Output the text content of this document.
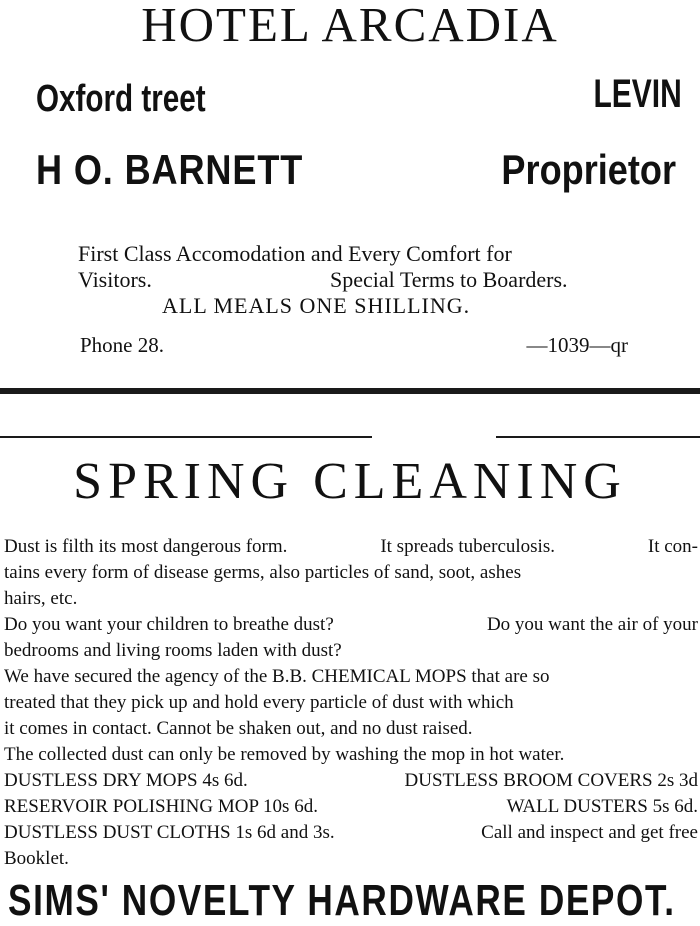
HOTEL ARCADIA
Oxford treet	LEVIN
H O. BARNETT	Proprietor
First Class Accomodation and Every Comfort for
Visitors.	Special Terms to Boarders.
ALL MEALS ONE SHILLING.
Phone 28.	—1039—qr
SPRING CLEANING
Dust is filth its most dangerous form.	It spreads tuberculosis.	It con-
tains every form of disease germs, also particles of sand, soot, ashes
hairs, etc.
Do you want your children to breathe dust?	Do you want the air of your
bedrooms and living rooms laden with dust?
We have secured the agency of the B.B. CHEMICAL MOPS that are so
treated that they pick up and hold every particle of dust with which
it comes in contact. Cannot be shaken out, and no dust raised.
The collected dust can only be removed by washing the mop in hot water.
DUSTLESS DRY MOPS 4s 6d.	DUSTLESS BROOM COVERS 2s 3d
RESERVOIR POLISHING MOP 10s 6d.	WALL DUSTERS 5s 6d.
DUSTLESS DUST CLOTHS 1s 6d and 3s.	Call and inspect and get free
Booklet.
SIMS' NOVELTY HARDWARE DEPOT.
